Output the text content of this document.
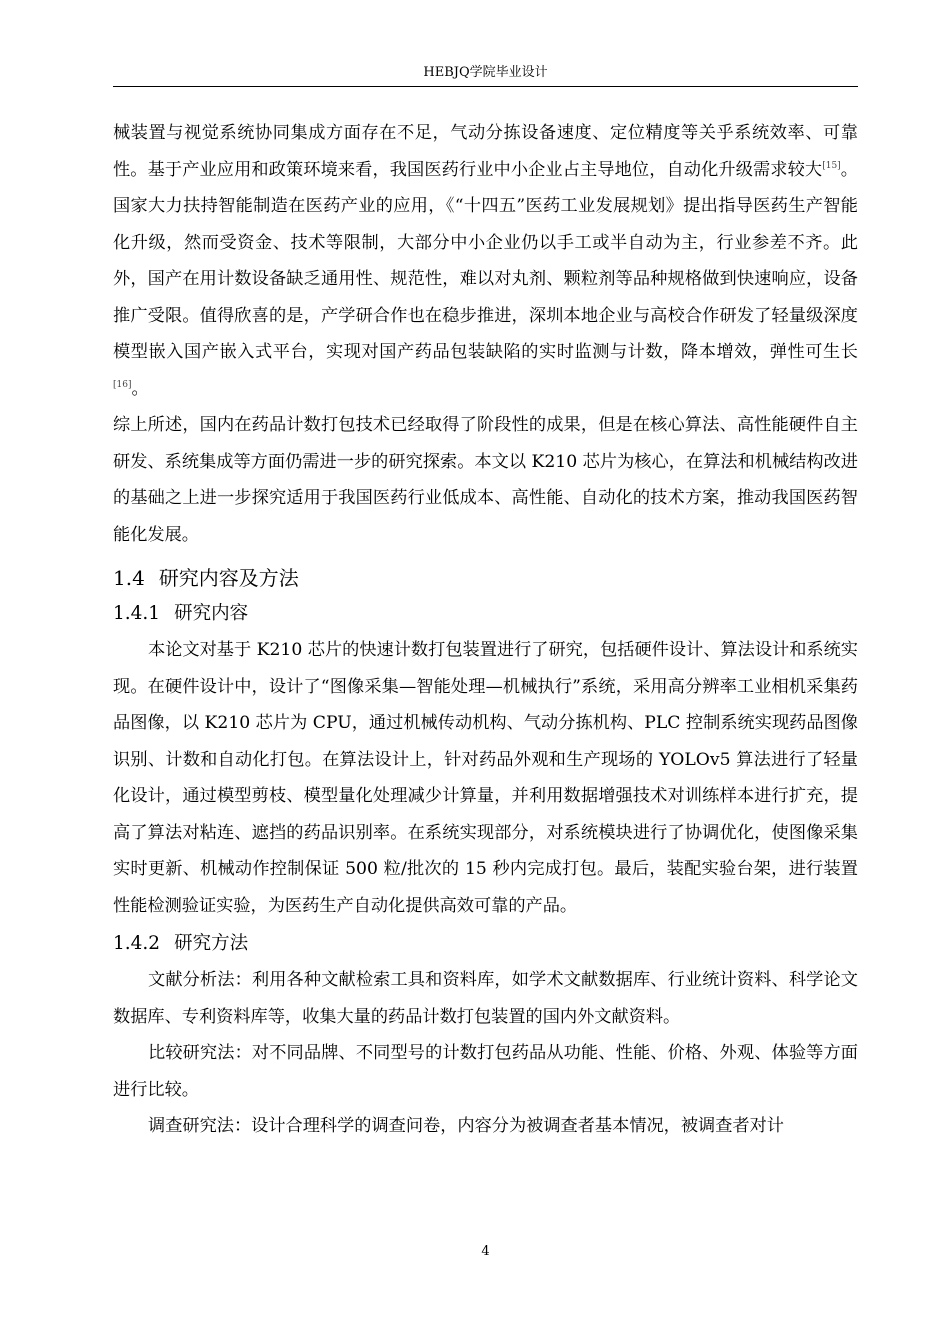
HEBJQ学院毕业设计

械装置与视觉系统协同集成方面存在不足，气动分拣设备速度、定位精度等关乎系统效率、可靠性。基于产业应用和政策环境来看，我国医药行业中小企业占主导地位，自动化升级需求较大[15]。国家大力扶持智能制造在医药产业的应用，《“十四五”医药工业发展规划》提出指导医药生产智能化升级，然而受资金、技术等限制，大部分中小企业仍以手工或半自动为主，行业参差不齐。此外，国产在用计数设备缺乏通用性、规范性，难以对丸剂、颗粒剂等品种规格做到快速响应，设备推广受限。值得欣喜的是，产学研合作也在稳步推进，深圳本地企业与高校合作研发了轻量级深度模型嵌入国产嵌入式平台，实现对国产药品包装缺陷的实时监测与计数，降本增效，弹性可生长[16]。

综上所述，国内在药品计数打包技术已经取得了阶段性的成果，但是在核心算法、高性能硬件自主研发、系统集成等方面仍需进一步的研究探索。本文以 K210 芯片为核心，在算法和机械结构改进的基础之上进一步探究适用于我国医药行业低成本、高性能、自动化的技术方案，推动我国医药智能化发展。

1.4 研究内容及方法
1.4.1 研究内容

本论文对基于 K210 芯片的快速计数打包装置进行了研究，包括硬件设计、算法设计和系统实现。在硬件设计中，设计了“图像采集—智能处理—机械执行”系统，采用高分辨率工业相机采集药品图像，以 K210 芯片为 CPU，通过机械传动机构、气动分拣机构、PLC 控制系统实现药品图像识别、计数和自动化打包。在算法设计上，针对药品外观和生产现场的 YOLOv5 算法进行了轻量化设计，通过模型剪枝、模型量化处理减少计算量，并利用数据增强技术对训练样本进行扩充，提高了算法对粘连、遮挡的药品识别率。在系统实现部分，对系统模块进行了协调优化，使图像采集实时更新、机械动作控制保证 500 粒/批次的 15 秒内完成打包。最后，装配实验台架，进行装置性能检测验证实验，为医药生产自动化提供高效可靠的产品。

1.4.2 研究方法

文献分析法：利用各种文献检索工具和资料库，如学术文献数据库、行业统计资料、科学论文数据库、专利资料库等，收集大量的药品计数打包装置的国内外文献资料。

比较研究法：对不同品牌、不同型号的计数打包药品从功能、性能、价格、外观、体验等方面进行比较。

调查研究法：设计合理科学的调查问卷，内容分为被调查者基本情况，被调查者对计

4
